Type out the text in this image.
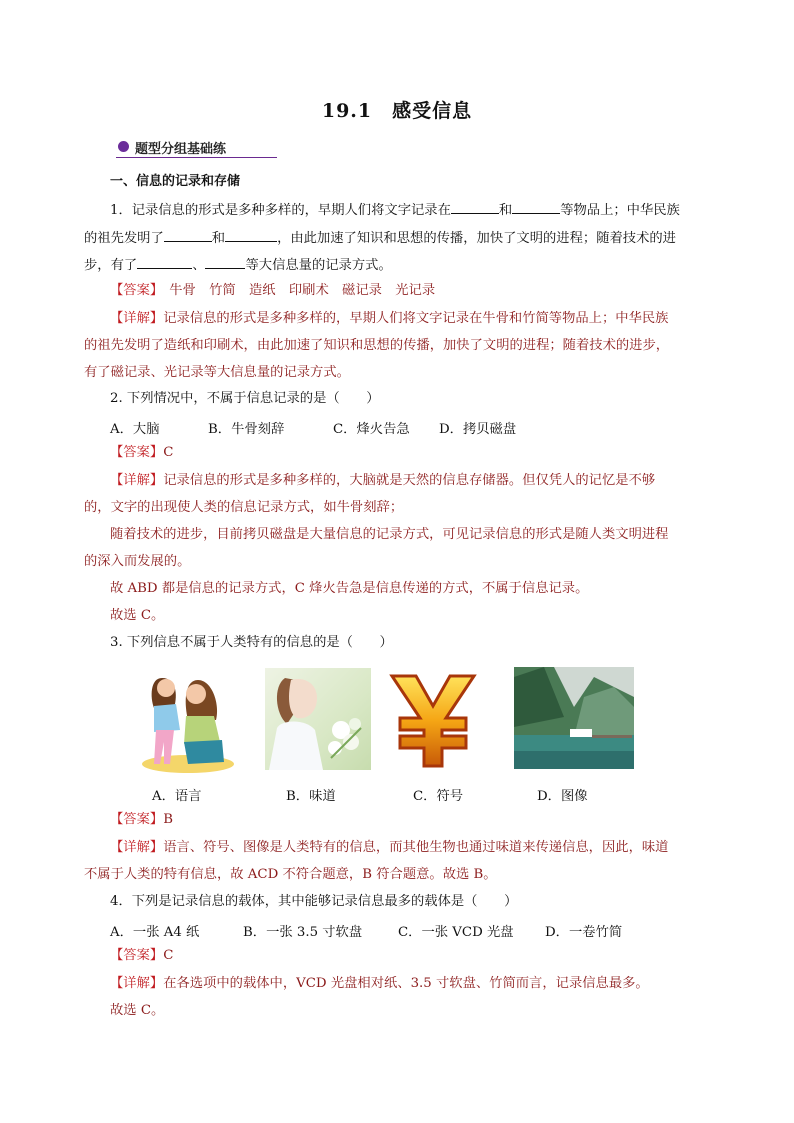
19.1　感受信息
题型分组基础练
一、信息的记录和存储
1．记录信息的形式是多种多样的，早期人们将文字记录在	和	等物品上；中华民族
的祖先发明了	和	，由此加速了知识和思想的传播，加快了文明的进程；随着技术的进
步，有了	、	等大信息量的记录方式。
【答案】 牛骨　竹简　造纸　印刷术　磁记录　光记录
【详解】记录信息的形式是多种多样的，早期人们将文字记录在牛骨和竹简等物品上；中华民族
的祖先发明了造纸和印刷术，由此加速了知识和思想的传播，加快了文明的进程；随着技术的进步，
有了磁记录、光记录等大信息量的记录方式。
2. 下列情况中，不属于信息记录的是（　　）
A．大脑	B．牛骨刻辞	C．烽火告急 D．拷贝磁盘
【答案】C
【详解】记录信息的形式是多种多样的，大脑就是天然的信息存储器。但仅凭人的记忆是不够
的，文字的出现使人类的信息记录方式，如牛骨刻辞；
随着技术的进步，目前拷贝磁盘是大量信息的记录方式，可见记录信息的形式是随人类文明进程
的深入而发展的。
故 ABD 都是信息的记录方式，C 烽火告急是信息传递的方式，不属于信息记录。
故选 C。
3. 下列信息不属于人类特有的信息的是（　　）
A．语言	B．味道	C．符号	D．图像
【答案】B
【详解】语言、符号、图像是人类特有的信息，而其他生物也通过味道来传递信息，因此，味道
不属于人类的特有信息，故 ACD 不符合题意，B 符合题意。故选 B。
4．下列是记录信息的载体，其中能够记录信息最多的载体是（　　）
A．一张 A4 纸	B．一张 3.5 寸软盘	C．一张 VCD 光盘 D．一卷竹简
【答案】C
【详解】在各选项中的载体中，VCD 光盘相对纸、3.5 寸软盘、竹简而言，记录信息最多。
故选 C。
